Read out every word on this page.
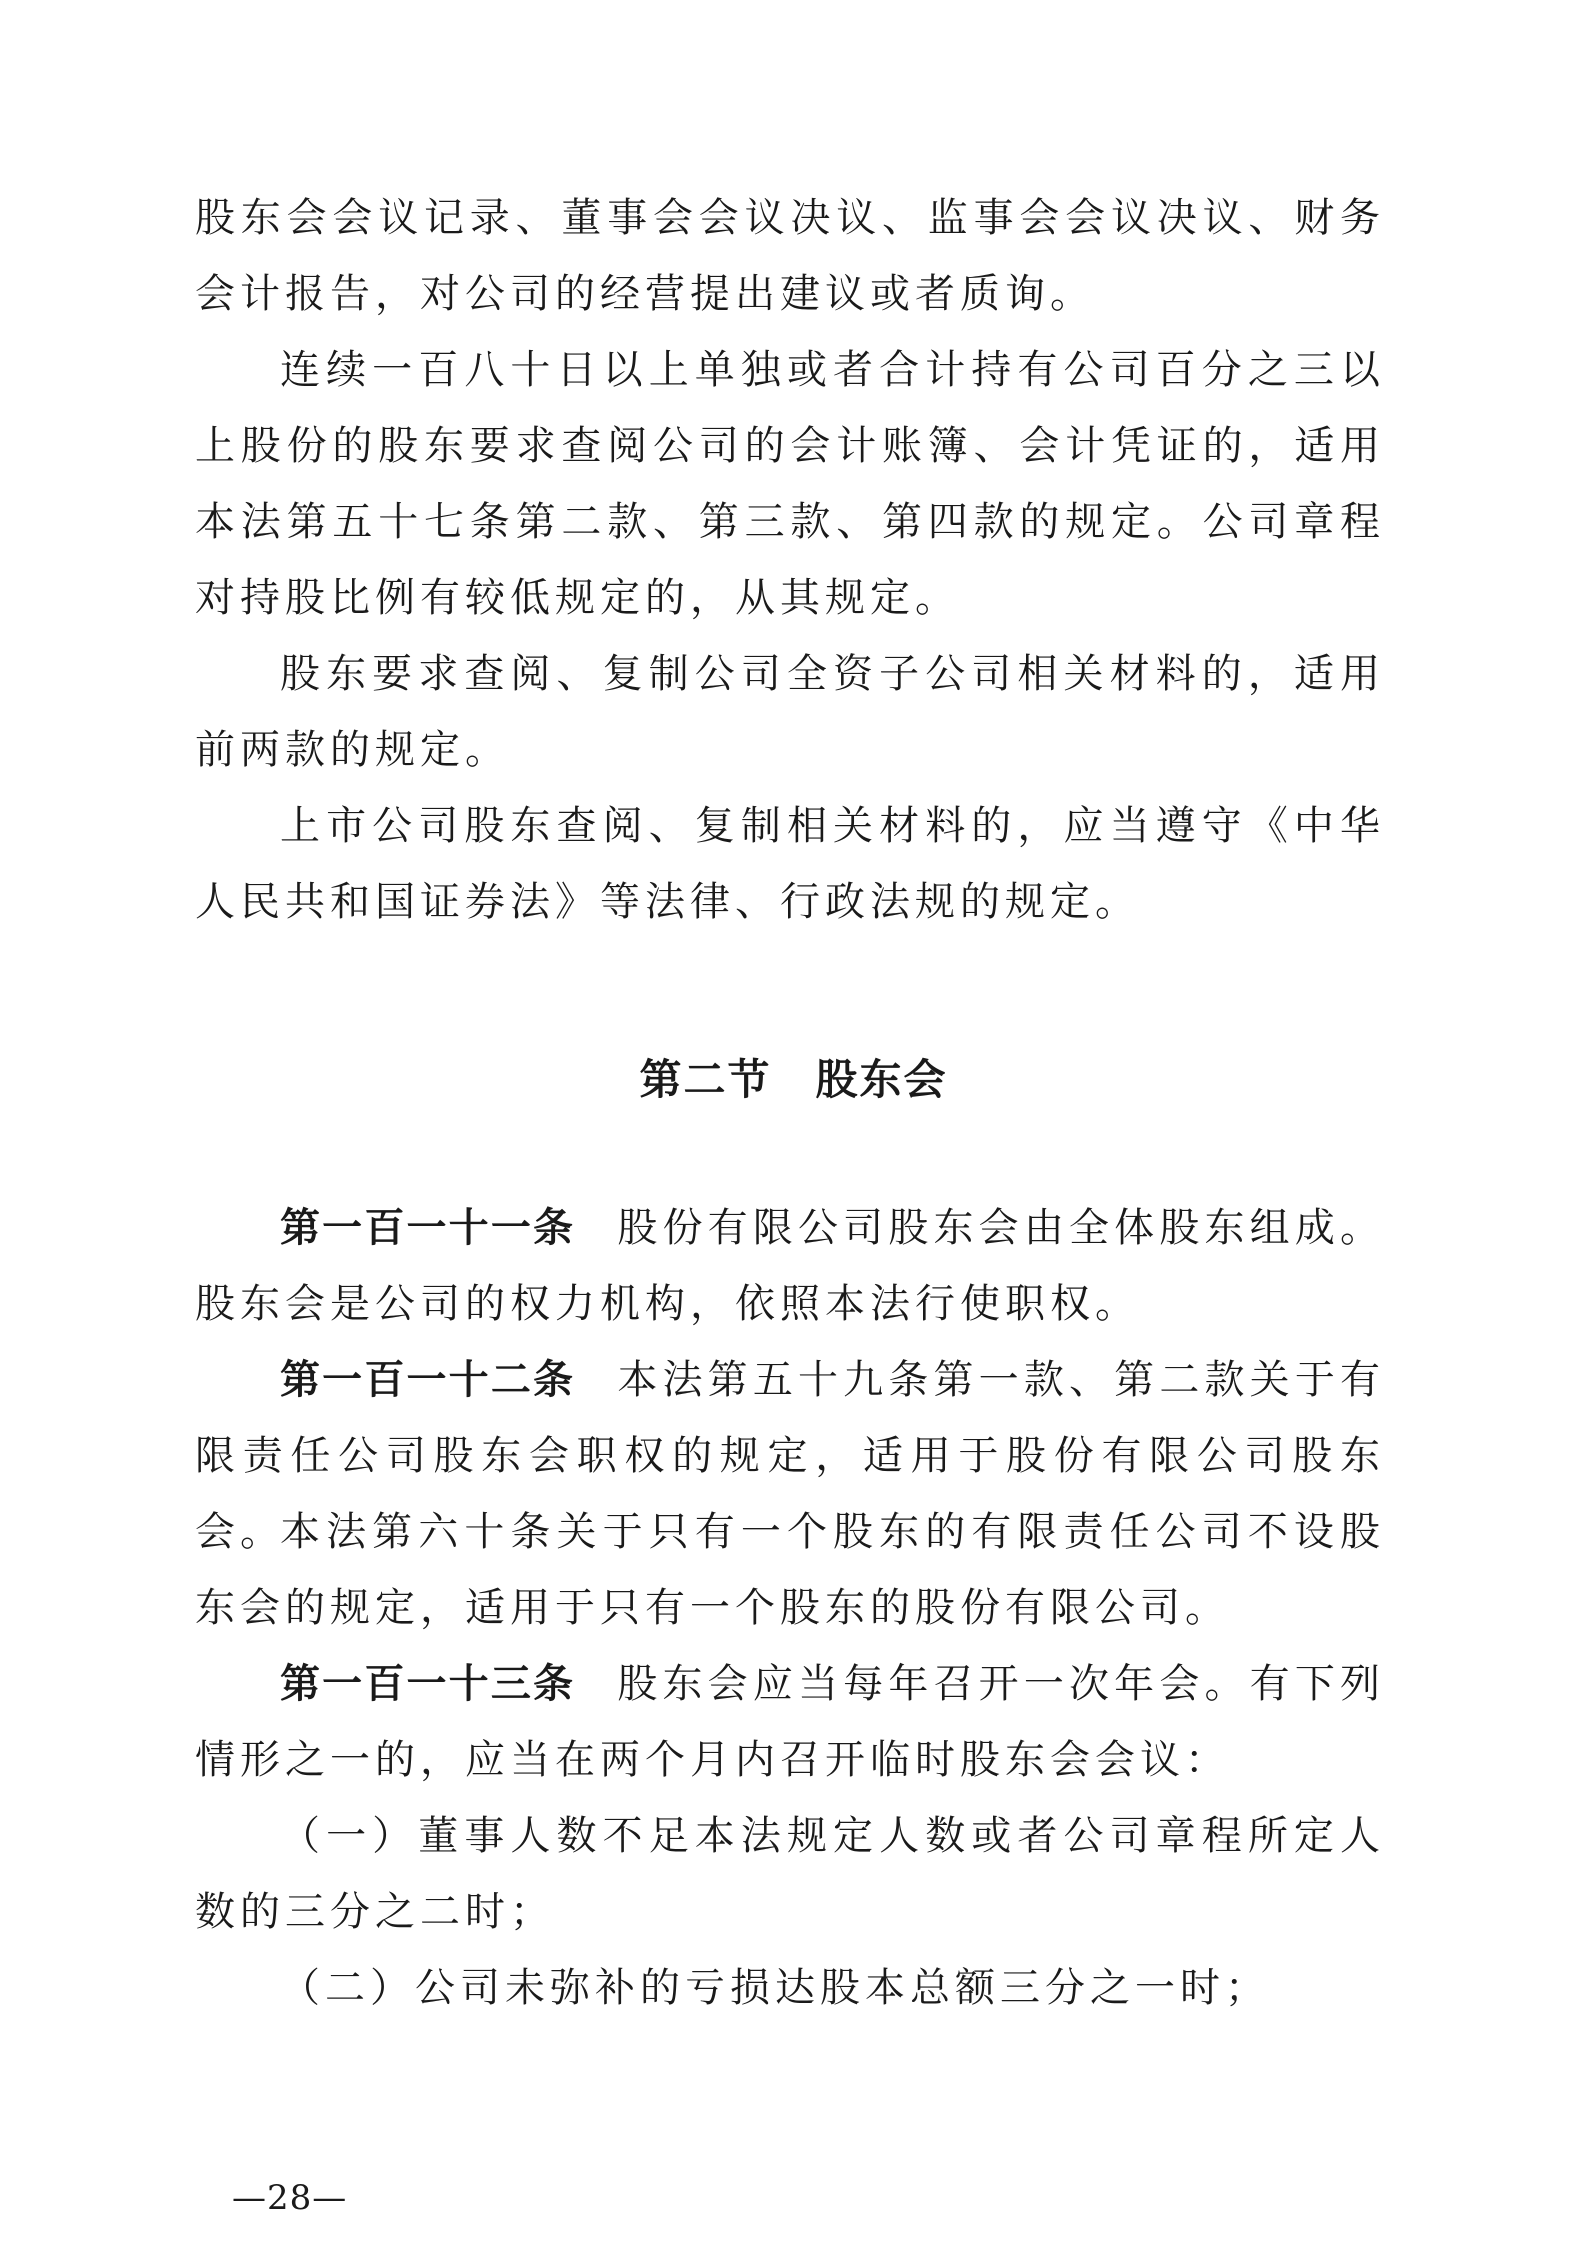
股东会会议记录、董事会会议决议、监事会会议决议、财务会计报告，对公司的经营提出建议或者质询。

连续一百八十日以上单独或者合计持有公司百分之三以上股份的股东要求查阅公司的会计账簿、会计凭证的，适用本法第五十七条第二款、第三款、第四款的规定。公司章程对持股比例有较低规定的，从其规定。

股东要求查阅、复制公司全资子公司相关材料的，适用前两款的规定。

上市公司股东查阅、复制相关材料的，应当遵守《中华人民共和国证券法》等法律、行政法规的规定。

第二节 股东会

第一百一十一条 股份有限公司股东会由全体股东组成。股东会是公司的权力机构，依照本法行使职权。

第一百一十二条 本法第五十九条第一款、第二款关于有限责任公司股东会职权的规定，适用于股份有限公司股东会。

本法第六十条关于只有一个股东的有限责任公司不设股东会的规定，适用于只有一个股东的股份有限公司。

第一百一十三条 股东会应当每年召开一次年会。有下列情形之一的，应当在两个月内召开临时股东会会议：

（一）董事人数不足本法规定人数或者公司章程所定人数的三分之二时；

（二）公司未弥补的亏损达股本总额三分之一时；

—28—
